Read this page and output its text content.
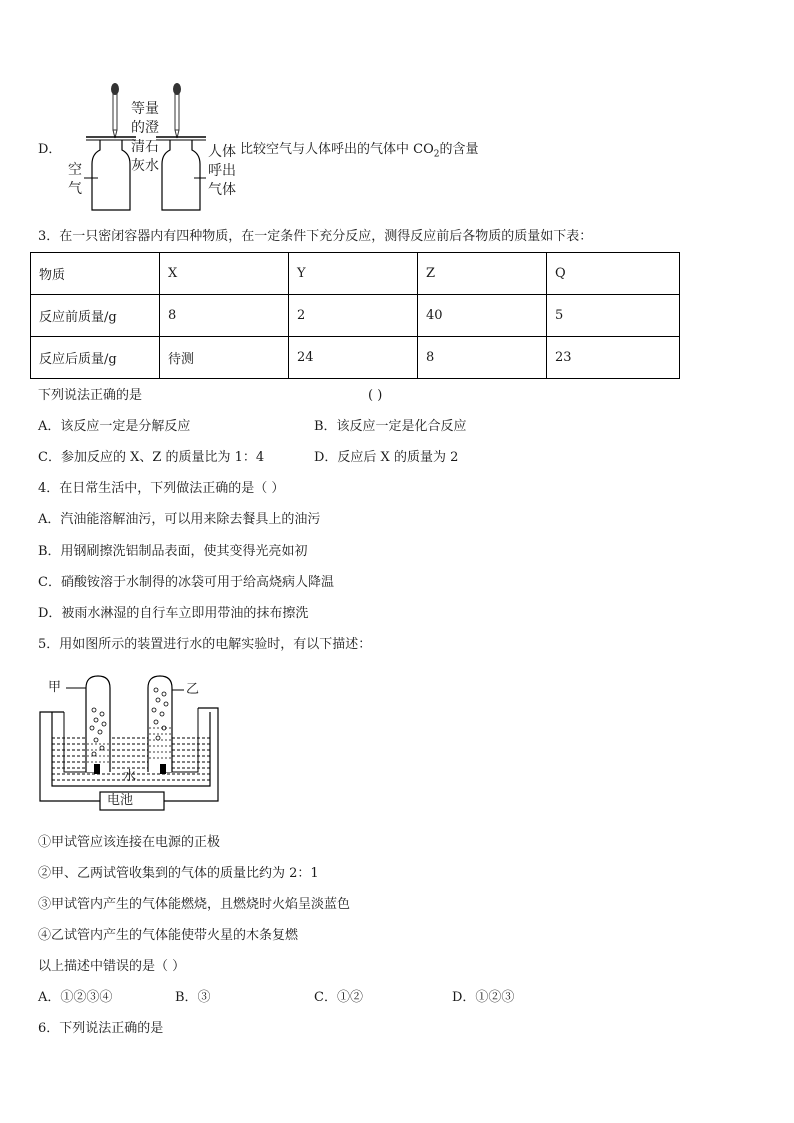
D．
等量
的澄
清石
灰水
空
气
人体
呼出
气体
比较空气与人体呼出的气体中 $CO_2$的含量
3．在一只密闭容器内有四种物质，在一定条件下充分反应，测得反应前后各物质的质量如下表：
物质	X	Y	Z	Q
反应前质量/g	8	2	40	5
反应后质量/g	待测	24	8	23
下列说法正确的是	( )
A．该反应一定是分解反应	B．该反应一定是化合反应
C．参加反应的 X、Z 的质量比为 1：4	D．反应后 X 的质量为 2
4．在日常生活中，下列做法正确的是（ ）
A．汽油能溶解油污，可以用来除去餐具上的油污
B．用钢刷擦洗铝制品表面，使其变得光亮如初
C．硝酸铵溶于水制得的冰袋可用于给高烧病人降温
D．被雨水淋湿的自行车立即用带油的抹布擦洗
5．用如图所示的装置进行水的电解实验时，有以下描述：
甲	乙
水
电池
①甲试管应该连接在电源的正极
②甲、乙两试管收集到的气体的质量比约为 2：1
③甲试管内产生的气体能燃烧，且燃烧时火焰呈淡蓝色
④乙试管内产生的气体能使带火星的木条复燃
以上描述中错误的是（ ）
A．①②③④	B．③	C．①②	D．①②③
6．下列说法正确的是
